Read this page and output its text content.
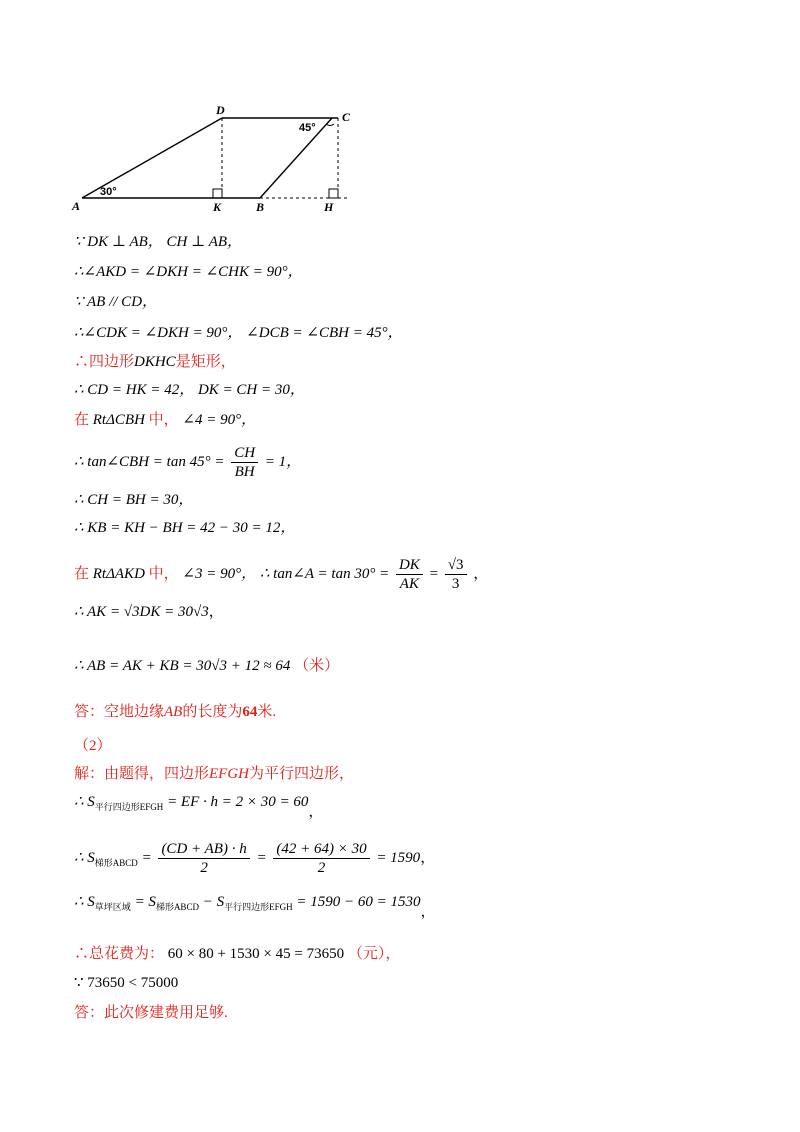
D	C
A	K	B	H
30°
45°
∵ DK ⊥ AB， CH ⊥ AB，
∴∠AKD = ∠DKH = ∠CHK = 90°，
∵ AB // CD，
∴∠CDK = ∠DKH = 90°， ∠DCB = ∠CBH = 45°，
∴四边形DKHC是矩形，
∴ CD = HK = 42， DK = CH = 30，
在 RtΔCBH 中， ∠4 = 90°，
∴ tan∠CBH = $\tan 45^\circ = \frac{CH}{BH} = 1$，
∴ CH = BH = 30，
∴ KB = KH − BH = 42 − 30 = 12，
在 RtΔAKD 中， ∠3 = 90°， ∴ tan∠A = $\tan 30^\circ = \frac{DK}{AK} = \frac{√3}{3}$ ，
∴ AK = √3DK = 30√3，
∴ AB = AK + KB = 30√3 + 12 ≈ 64 （米）
答：空地边缘AB的长度为64米.
（2）
解：由题得，四边形EFGH为平行四边形，
∴ $S_{平行四边形EFGH}$ = EF · h = 2 × 30 = 60，
∴ $S_{梯形ABCD} = \frac{(CD + AB) \cdot h}{2} = \frac{(42 + 64) \times 30}{2} = 1590$，
∴ $S_{草坪区域} = S_{梯形ABCD} - S_{平行四边形EFGH} = 1590 - 60 = 1530$，
∴总花费为： 60 × 80 + 1530 × 45 = 73650 （元），
∵ 73650 < 75000
答：此次修建费用足够.
